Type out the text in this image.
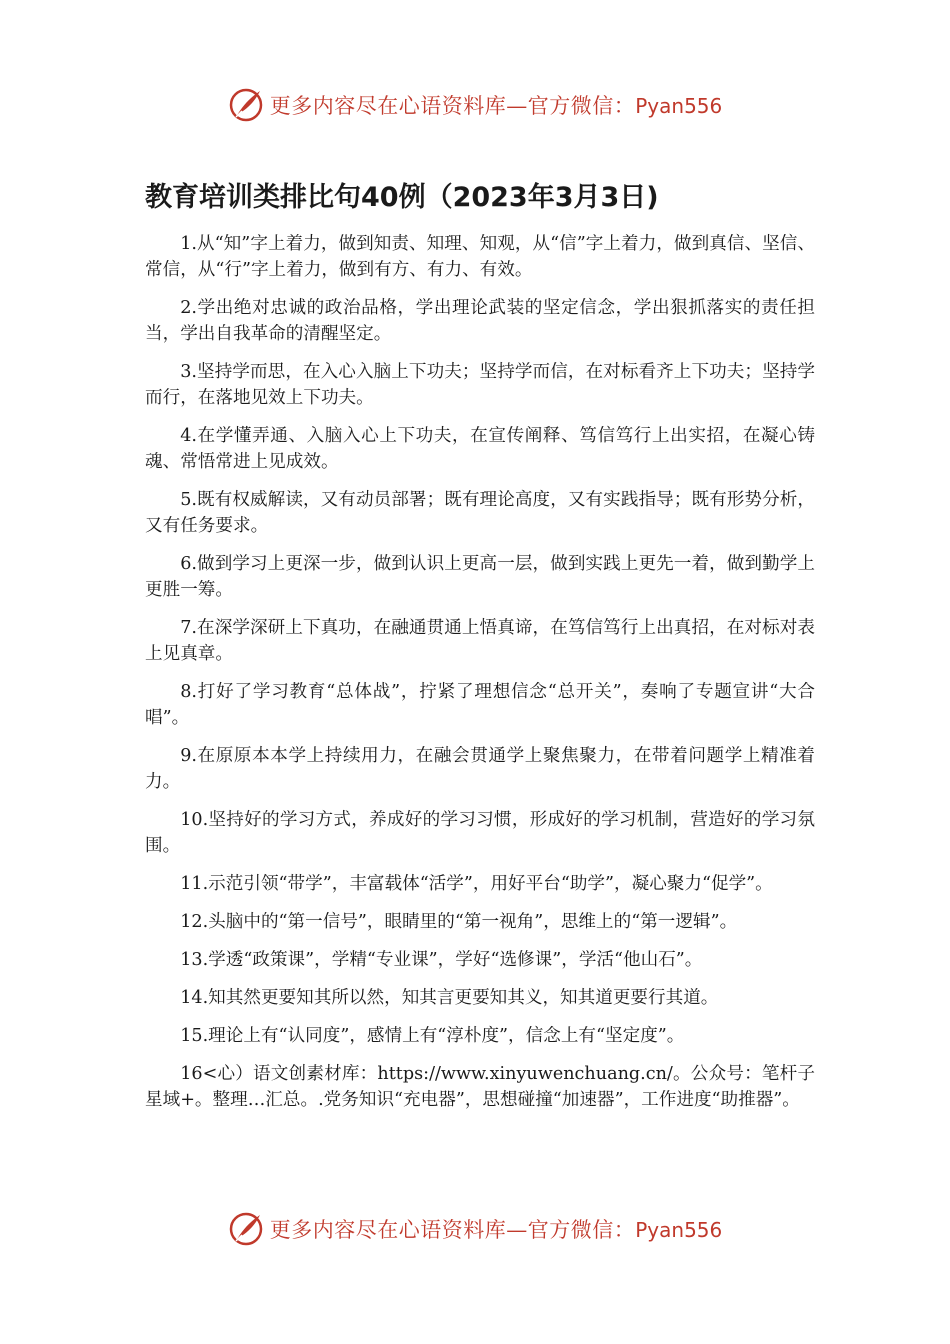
更多内容尽在心语资料库—官方微信：Pyan556
教育培训类排比句40例（2023年3月3日)

1.从“知”字上着力，做到知责、知理、知观，从“信”字上着力，做到真信、坚信、常信，从“行”字上着力，做到有方、有力、有效。

2.学出绝对忠诚的政治品格，学出理论武装的坚定信念，学出狠抓落实的责任担当，学出自我革命的清醒坚定。

3.坚持学而思，在入心入脑上下功夫；坚持学而信，在对标看齐上下功夫；坚持学而行，在落地见效上下功夫。

4.在学懂弄通、入脑入心上下功夫，在宣传阐释、笃信笃行上出实招，在凝心铸魂、常悟常进上见成效。

5.既有权威解读，又有动员部署；既有理论高度，又有实践指导；既有形势分析，又有任务要求。

6.做到学习上更深一步，做到认识上更高一层，做到实践上更先一着，做到勤学上更胜一筹。

7.在深学深研上下真功，在融通贯通上悟真谛，在笃信笃行上出真招，在对标对表上见真章。

8.打好了学习教育“总体战”，拧紧了理想信念“总开关”，奏响了专题宣讲“大合唱”。

9.在原原本本学上持续用力，在融会贯通学上聚焦聚力，在带着问题学上精准着力。

10.坚持好的学习方式，养成好的学习习惯，形成好的学习机制，营造好的学习氛围。

11.示范引领“带学”，丰富载体“活学”，用好平台“助学”，凝心聚力“促学”。

12.头脑中的“第一信号”，眼睛里的“第一视角”，思维上的“第一逻辑”。

13.学透“政策课”，学精“专业课”，学好“选修课”，学活“他山石”。

14.知其然更要知其所以然，知其言更要知其义，知其道更要行其道。

15.理论上有“认同度”，感情上有“淳朴度”，信念上有“坚定度”。

16<心）语文创素材库：https://www.xinyuwenchuang.cn/。公众号：笔杆子星域+。整理…汇总。.党务知识“充电器”，思想碰撞“加速器”，工作进度“助推器”。

更多内容尽在心语资料库—官方微信：Pyan556
